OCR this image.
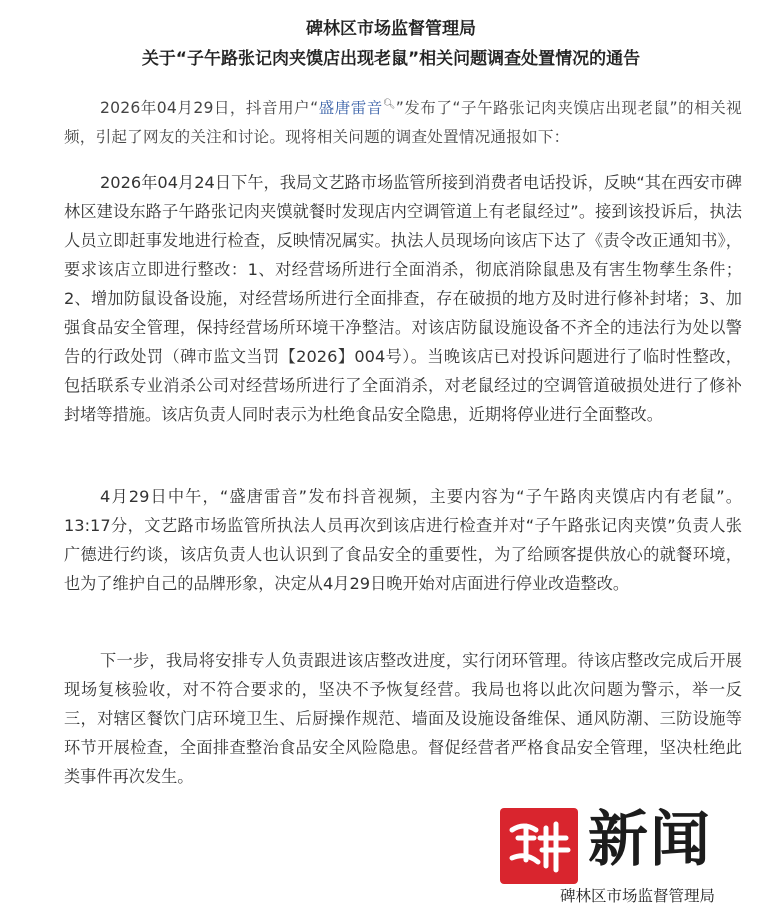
碑林区市场监督管理局
关于“子午路张记肉夹馍店出现老鼠”相关问题调查处置情况的通告

2026年04月29日，抖音用户“盛唐雷音🔍︎”发布了“子午路张记肉夹馍店出现老鼠”的相关视频，引起了网友的关注和讨论。现将相关问题的调查处置情况通报如下：

2026年04月24日下午，我局文艺路市场监管所接到消费者电话投诉，反映“其在西安市碑林区建设东路子午路张记肉夹馍就餐时发现店内空调管道上有老鼠经过”。接到该投诉后，执法人员立即赶事发地进行检查，反映情况属实。执法人员现场向该店下达了《责令改正通知书》，要求该店立即进行整改：1、对经营场所进行全面消杀，彻底消除鼠患及有害生物孳生条件；2、增加防鼠设备设施，对经营场所进行全面排查，存在破损的地方及时进行修补封堵；3、加强食品安全管理，保持经营场所环境干净整洁。对该店防鼠设施设备不齐全的违法行为处以警告的行政处罚（碑市监文当罚【2026】004号）。当晚该店已对投诉问题进行了临时性整改，包括联系专业消杀公司对经营场所进行了全面消杀，对老鼠经过的空调管道破损处进行了修补封堵等措施。该店负责人同时表示为杜绝食品安全隐患，近期将停业进行全面整改。

4月29日中午，“盛唐雷音”发布抖音视频，主要内容为“子午路肉夹馍店内有老鼠”。13:17分，文艺路市场监管所执法人员再次到该店进行检查并对“子午路张记肉夹馍”负责人张广德进行约谈，该店负责人也认识到了食品安全的重要性，为了给顾客提供放心的就餐环境，也为了维护自己的品牌形象，决定从4月29日晚开始对店面进行停业改造整改。

下一步，我局将安排专人负责跟进该店整改进度，实行闭环管理。待该店整改完成后开展现场复核验收，对不符合要求的，坚决不予恢复经营。我局也将以此次问题为警示，举一反三，对辖区餐饮门店环境卫生、后厨操作规范、墙面及设施设备维保、通风防潮、三防设施等环节开展检查，全面排查整治食品安全风险隐患。督促经营者严格食品安全管理，坚决杜绝此类事件再次发生。

新闻
碑林区市场监督管理局
